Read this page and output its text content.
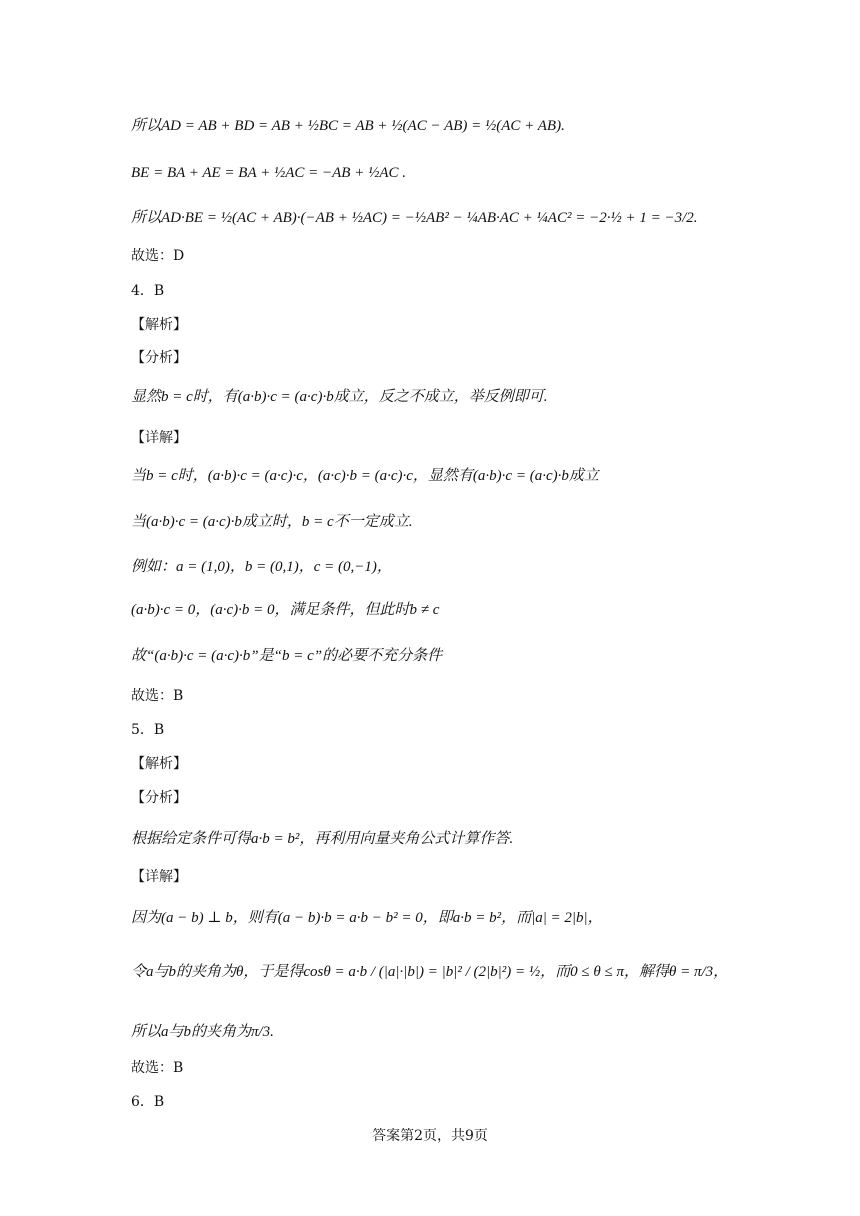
所以AD = AB + BD = AB + ½BC = AB + ½(AC − AB) = ½(AC + AB).
BE = BA + AE = BA + ½AC = −AB + ½AC .
所以AD·BE = ½(AC + AB)·(−AB + ½AC) = −½AB² − ¼AB·AC + ¼AC² = −2·½ + 1 = −3/2.
故选：D
4．B
【解析】
【分析】
显然b = c时，有(a·b)·c = (a·c)·b成立，反之不成立，举反例即可.
【详解】
当b = c时，(a·b)·c = (a·c)·c，(a·c)·b = (a·c)·c，显然有(a·b)·c = (a·c)·b成立
当(a·b)·c = (a·c)·b成立时，b = c不一定成立.
例如：a = (1,0)，b = (0,1)，c = (0,−1)，
(a·b)·c = 0，(a·c)·b = 0，满足条件，但此时b ≠ c
故“(a·b)·c = (a·c)·b”是“b = c”的必要不充分条件
故选：B
5．B
【解析】
【分析】
根据给定条件可得a·b = b²，再利用向量夹角公式计算作答.
【详解】
因为(a − b) ⊥ b，则有(a − b)·b = a·b − b² = 0，即a·b = b²，而|a| = 2|b|，
令a与b的夹角为θ，于是得cosθ = a·b / (|a|·|b|) = |b|² / (2|b|²) = ½，而0 ≤ θ ≤ π，解得θ = π/3，
所以a与b的夹角为π/3.
故选：B
6．B
答案第2页，共9页
